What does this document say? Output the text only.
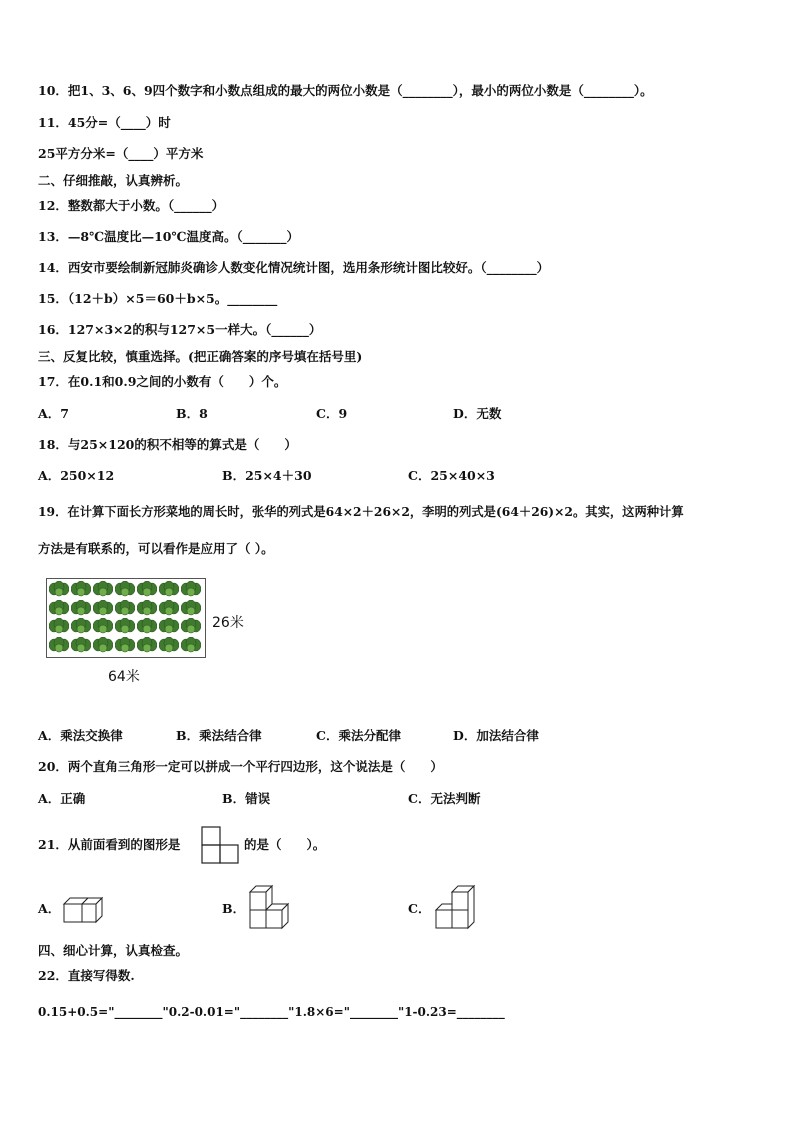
10．把1、3、6、9四个数字和小数点组成的最大的两位小数是（________），最小的两位小数是（________）。
11．45分=（____）时
25平方分米=（____）平方米
二、仔细推敲，认真辨析。
12．整数都大于小数。（______）
13．—8℃温度比—10℃温度高。（_______）
14．西安市要绘制新冠肺炎确诊人数变化情况统计图，选用条形统计图比较好。（________）
15．（12＋b）×5＝60＋b×5。________
16．127×3×2的积与127×5一样大。（______）
三、反复比较，慎重选择。(把正确答案的序号填在括号里)
17．在0.1和0.9之间的小数有（　　）个。
A．7	B．8	C．9	D．无数
18．与25×120的积不相等的算式是（　　）
A．250×12	B．25×4＋30	C．25×40×3
19．在计算下面长方形菜地的周长时，张华的列式是64×2＋26×2，李明的列式是(64＋26)×2。其实，这两种计算
方法是有联系的，可以看作是应用了（ ）。
26米
64米
A．乘法交换律	B．乘法结合律	C．乘法分配律	D．加法结合律
20．两个直角三角形一定可以拼成一个平行四边形，这个说法是（　　）
A．正确	B．错误	C．无法判断
21．从前面看到的图形是	的是（　　）。
A．	B．	C．
四、细心计算，认真检查。
22．直接写得数.
0.15+0.5="________"0.2-0.01="________"1.8×6="________"1-0.23=________
